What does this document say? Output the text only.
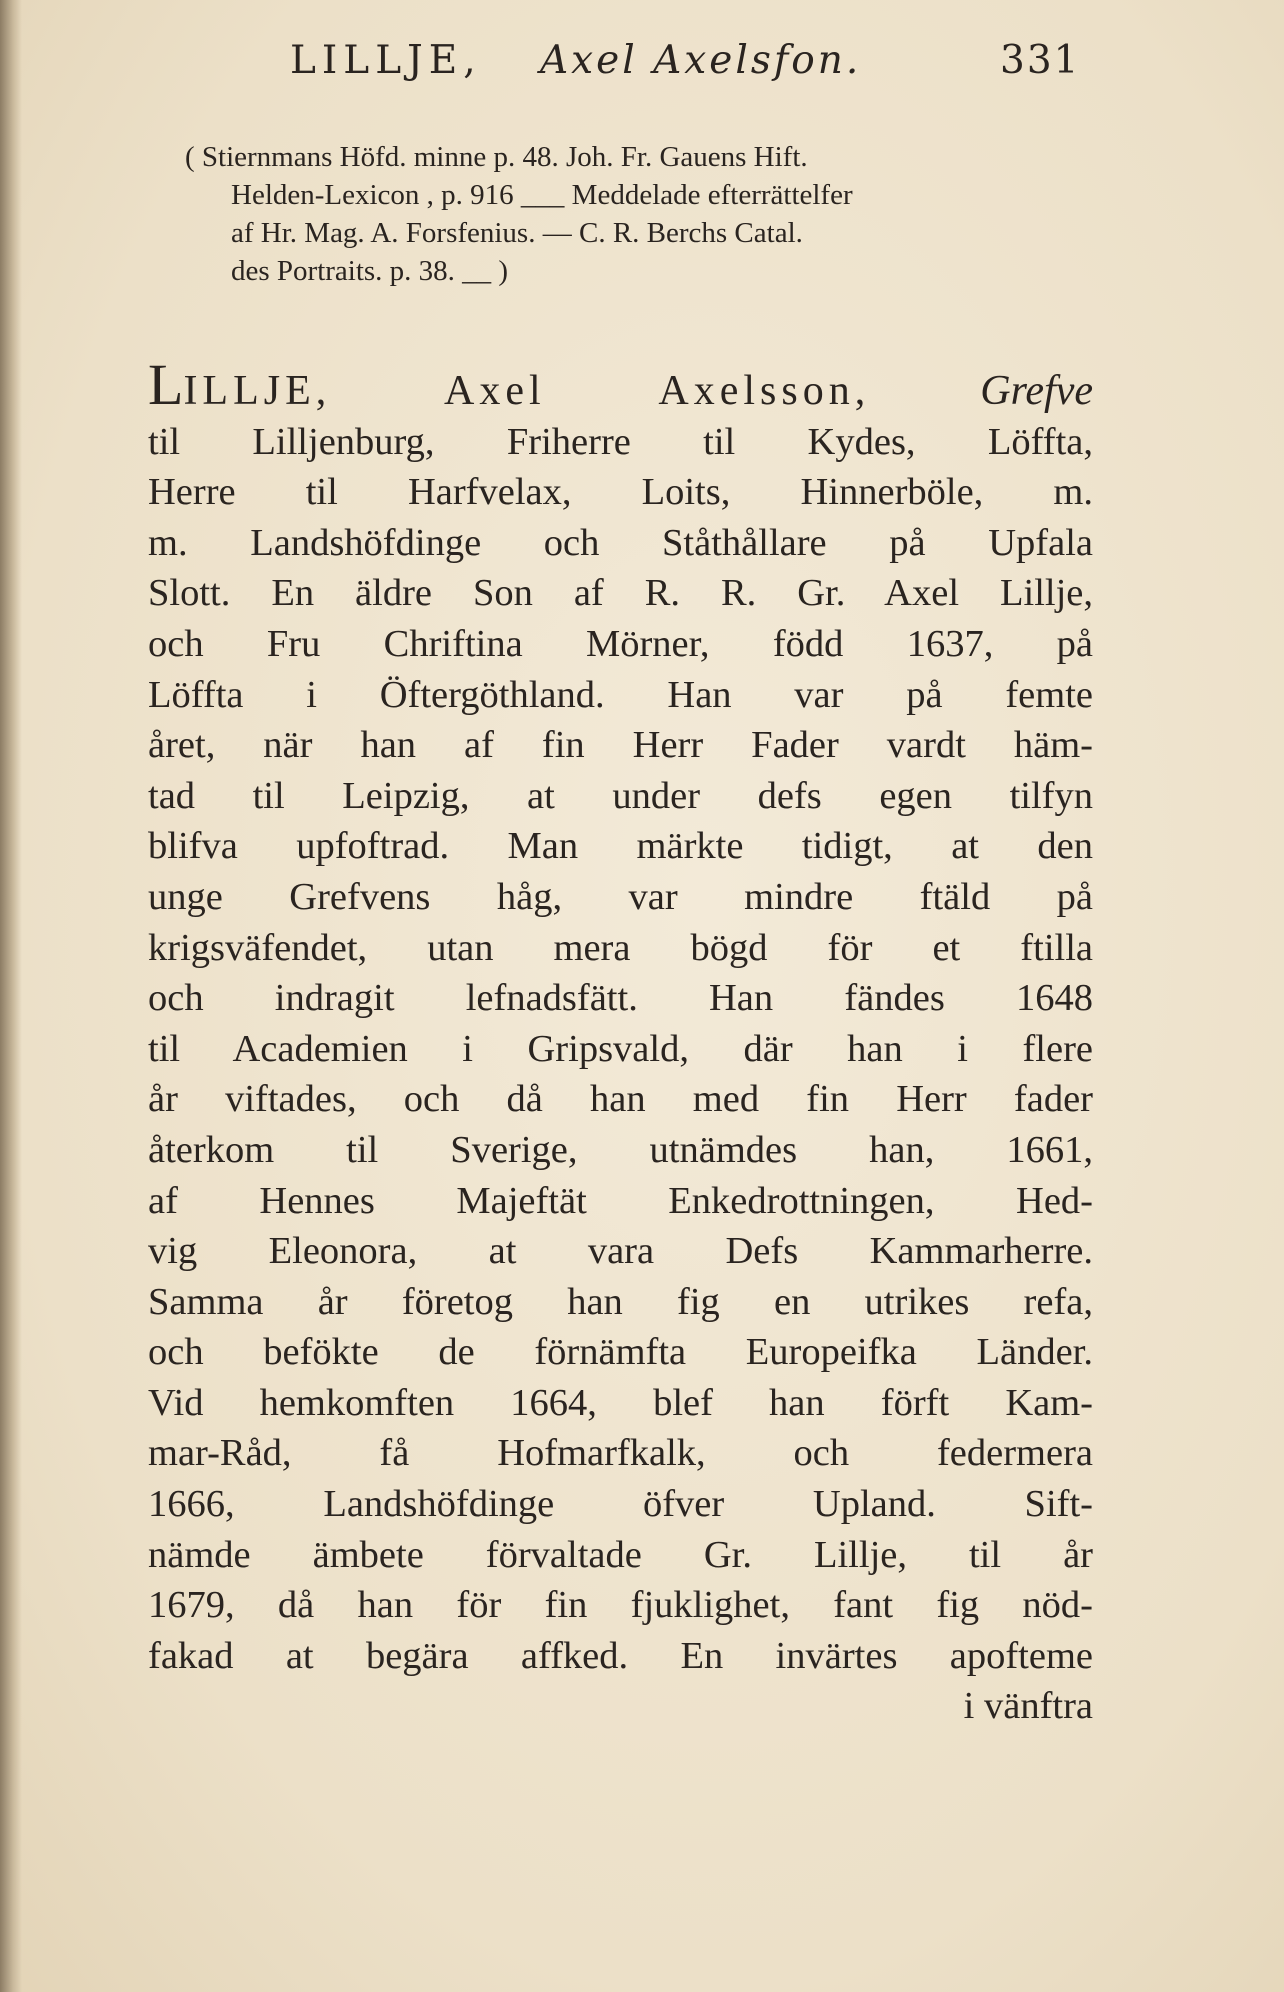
LILLJE, Axel Axelsfon.	331
( Stiernmans Höfd. minne p. 48. Joh. Fr. Gauens Hift.
Helden-Lexicon , p. 916 ___ Meddelade efterrättelfer
af Hr. Mag. A. Forsfenius. — C. R. Berchs Catal.
des Portraits. p. 38. __ )
LILLJE, Axel Axelsson,	Grefve
til Lilljenburg, Friherre til Kydes, Löffta,
Herre til Harfvelax, Loits, Hinnerböle, m.
m. Landshöfdinge och Ståthållare på Upfala
Slott. En äldre Son af R. R. Gr. Axel Lillje,
och Fru Chriftina Mörner, född 1637, på
Löffta i Öftergöthland. Han var på femte
året, när han af fin Herr Fader vardt häm-
tad til Leipzig, at under defs egen tilfyn
blifva upfoftrad. Man märkte tidigt, at den
unge Grefvens håg, var mindre ftäld på
krigsväfendet, utan mera bögd för et ftilla
och indragit lefnadsfätt. Han fändes 1648
til Academien i Gripsvald, där han i flere
år viftades, och då han med fin Herr fader
återkom til Sverige, utnämdes han, 1661,
af Hennes Majeftät Enkedrottningen, Hed-
vig Eleonora, at vara Defs Kammarherre.
Samma år företog han fig en utrikes refa,
och befökte de förnämfta Europeifka Länder.
Vid hemkomften 1664, blef han förft Kam-
mar-Råd, få Hofmarfkalk, och federmera
1666, Landshöfdinge öfver Upland. Sift-
nämde ämbete förvaltade Gr. Lillje, til år
1679, då han för fin fjuklighet, fant fig nöd-
fakad at begära affked. En invärtes apofteme
i vänftra
